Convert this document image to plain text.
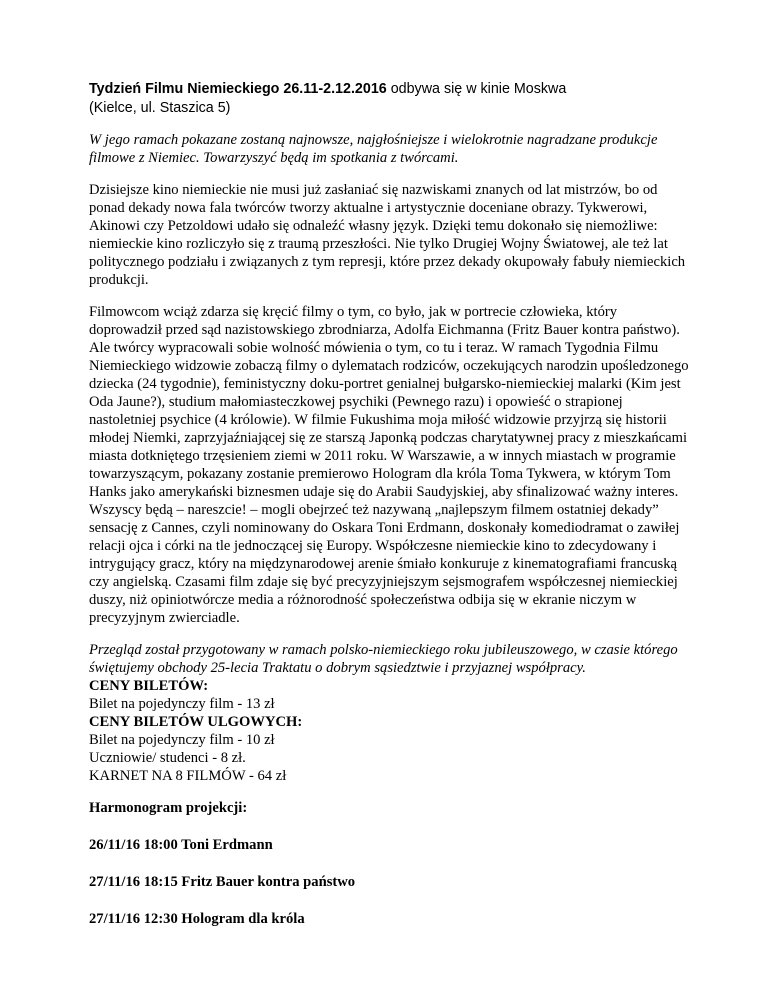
Tydzień Filmu Niemieckiego 26.11-2.12.2016 odbywa się w kinie Moskwa
(Kielce, ul. Staszica 5)

W jego ramach pokazane zostaną najnowsze, najgłośniejsze i wielokrotnie nagradzane produkcje filmowe z Niemiec. Towarzyszyć będą im spotkania z twórcami.

Dzisiejsze kino niemieckie nie musi już zasłaniać się nazwiskami znanych od lat mistrzów, bo od ponad dekady nowa fala twórców tworzy aktualne i artystycznie doceniane obrazy. Tykwerowi, Akinowi czy Petzoldowi udało się odnaleźć własny język. Dzięki temu dokonało się niemożliwe: niemieckie kino rozliczyło się z traumą przeszłości. Nie tylko Drugiej Wojny Światowej, ale też lat politycznego podziału i związanych z tym represji, które przez dekady okupowały fabuły niemieckich produkcji.

Filmowcom wciąż zdarza się kręcić filmy o tym, co było, jak w portrecie człowieka, który doprowadził przed sąd nazistowskiego zbrodniarza, Adolfa Eichmanna (Fritz Bauer kontra państwo). Ale twórcy wypracowali sobie wolność mówienia o tym, co tu i teraz. W ramach Tygodnia Filmu Niemieckiego widzowie zobaczą filmy o dylematach rodziców, oczekujących narodzin upośledzonego dziecka (24 tygodnie), feministyczny doku-portret genialnej bułgarsko-niemieckiej malarki (Kim jest Oda Jaune?), studium małomiasteczkowej psychiki (Pewnego razu) i opowieść o strapionej nastoletniej psychice (4 królowie). W filmie Fukushima moja miłość widzowie przyjrzą się historii młodej Niemki, zaprzyjaźniającej się ze starszą Japonką podczas charytatywnej pracy z mieszkańcami miasta dotkniętego trzęsieniem ziemi w 2011 roku. W Warszawie, a w innych miastach w programie towarzyszącym, pokazany zostanie premierowo Hologram dla króla Toma Tykwera, w którym Tom Hanks jako amerykański biznesmen udaje się do Arabii Saudyjskiej, aby sfinalizować ważny interes. Wszyscy będą – nareszcie! – mogli obejrzeć też nazywaną „najlepszym filmem ostatniej dekady” sensację z Cannes, czyli nominowany do Oskara Toni Erdmann, doskonały komediodramat o zawiłej relacji ojca i córki na tle jednoczącej się Europy. Współczesne niemieckie kino to zdecydowany i intrygujący gracz, który na międzynarodowej arenie śmiało konkuruje z kinematografiami francuską czy angielską. Czasami film zdaje się być precyzyjniejszym sejsmografem współczesnej niemieckiej duszy, niż opiniotwórcze media a różnorodność społeczeństwa odbija się w ekranie niczym w precyzyjnym zwierciadle.

Przegląd został przygotowany w ramach polsko-niemieckiego roku jubileuszowego, w czasie którego świętujemy obchody 25-lecia Traktatu o dobrym sąsiedztwie i przyjaznej współpracy.

CENY BILETÓW:
Bilet na pojedynczy film - 13 zł
CENY BILETÓW ULGOWYCH:
Bilet na pojedynczy film - 10 zł
Uczniowie/ studenci - 8 zł.
KARNET NA 8 FILMÓW - 64 zł
Harmonogram projekcji:
26/11/16 18:00 Toni Erdmann
27/11/16 18:15 Fritz Bauer kontra państwo
27/11/16 12:30 Hologram dla króla
